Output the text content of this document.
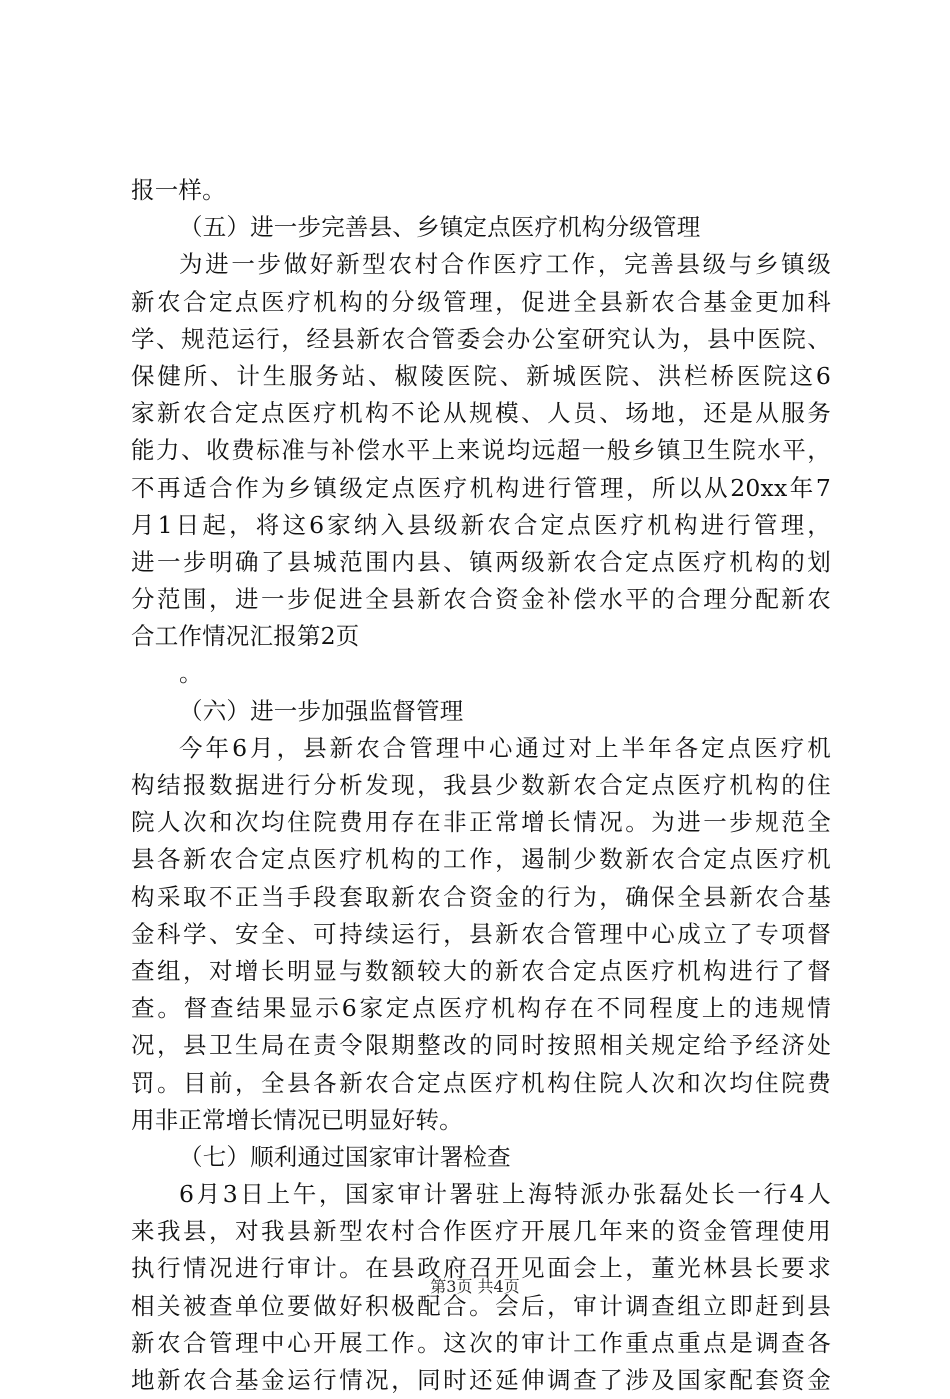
报一样。
（五）进一步完善县、乡镇定点医疗机构分级管理
为进一步做好新型农村合作医疗工作，完善县级与乡镇级
新农合定点医疗机构的分级管理，促进全县新农合基金更加科
学、规范运行，经县新农合管委会办公室研究认为，县中医院、
保健所、计生服务站、椒陵医院、新城医院、洪栏桥医院这6
家新农合定点医疗机构不论从规模、人员、场地，还是从服务
能力、收费标准与补偿水平上来说均远超一般乡镇卫生院水平，
不再适合作为乡镇级定点医疗机构进行管理，所以从20xx年7
月1日起，将这6家纳入县级新农合定点医疗机构进行管理，
进一步明确了县城范围内县、镇两级新农合定点医疗机构的划
分范围，进一步促进全县新农合资金补偿水平的合理分配新农
合工作情况汇报第2页
。
（六）进一步加强监督管理
今年6月，县新农合管理中心通过对上半年各定点医疗机
构结报数据进行分析发现，我县少数新农合定点医疗机构的住
院人次和次均住院费用存在非正常增长情况。为进一步规范全
县各新农合定点医疗机构的工作，遏制少数新农合定点医疗机
构采取不正当手段套取新农合资金的行为，确保全县新农合基
金科学、安全、可持续运行，县新农合管理中心成立了专项督
查组，对增长明显与数额较大的新农合定点医疗机构进行了督
查。督查结果显示6家定点医疗机构存在不同程度上的违规情
况，县卫生局在责令限期整改的同时按照相关规定给予经济处
罚。目前，全县各新农合定点医疗机构住院人次和次均住院费
用非正常增长情况已明显好转。
（七）顺利通过国家审计署检查
6月3日上午，国家审计署驻上海特派办张磊处长一行4人
来我县，对我县新型农村合作医疗开展几年来的资金管理使用
执行情况进行审计。在县政府召开见面会上，董光林县长要求
相关被查单位要做好积极配合。会后，审计调查组立即赶到县
新农合管理中心开展工作。这次的审计工作重点重点是调查各
地新农合基金运行情况，同时还延伸调查了涉及国家配套资金
第3页 共4页
